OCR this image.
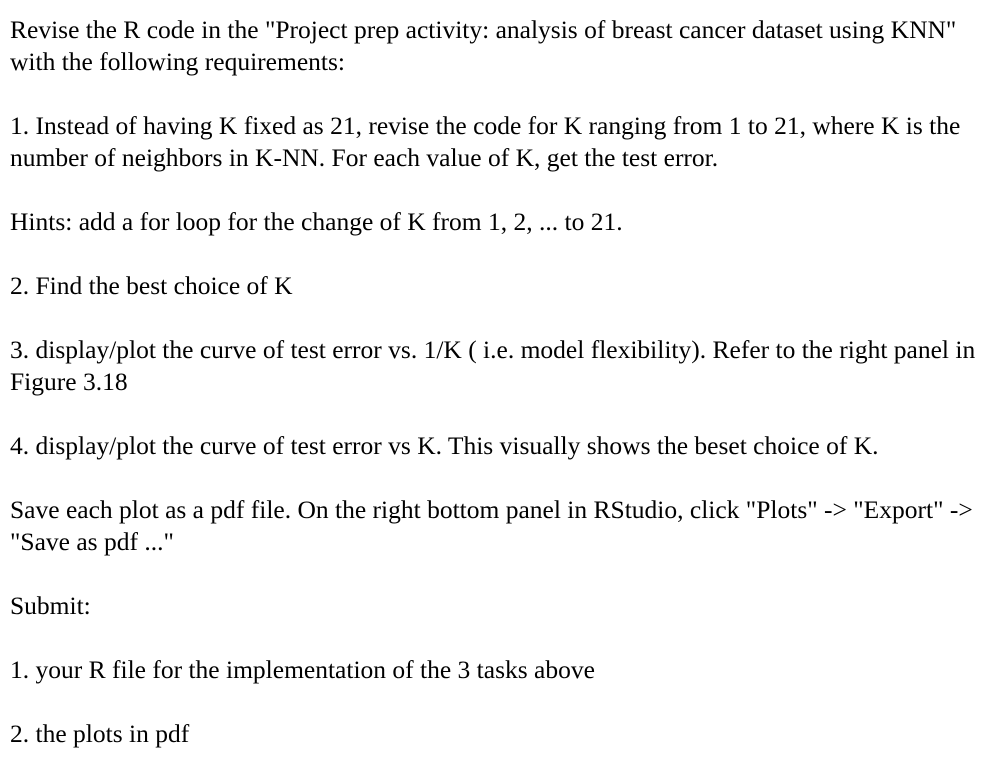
Revise the R code in the "Project prep activity: analysis of breast cancer dataset using KNN" with the following requirements:

1. Instead of having K fixed as 21, revise the code for K ranging from 1 to 21, where K is the number of neighbors in K-NN. For each value of K, get the test error.

Hints: add a for loop for the change of K from 1, 2, ... to 21.

2. Find the best choice of K

3. display/plot the curve of test error vs. 1/K ( i.e. model flexibility). Refer to the right panel in Figure 3.18

4. display/plot the curve of test error vs K. This visually shows the beset choice of K.

Save each plot as a pdf file. On the right bottom panel in RStudio, click "Plots" -> "Export" -> "Save as pdf ..."

Submit:

1. your R file for the implementation of the 3 tasks above

2. the plots in pdf
